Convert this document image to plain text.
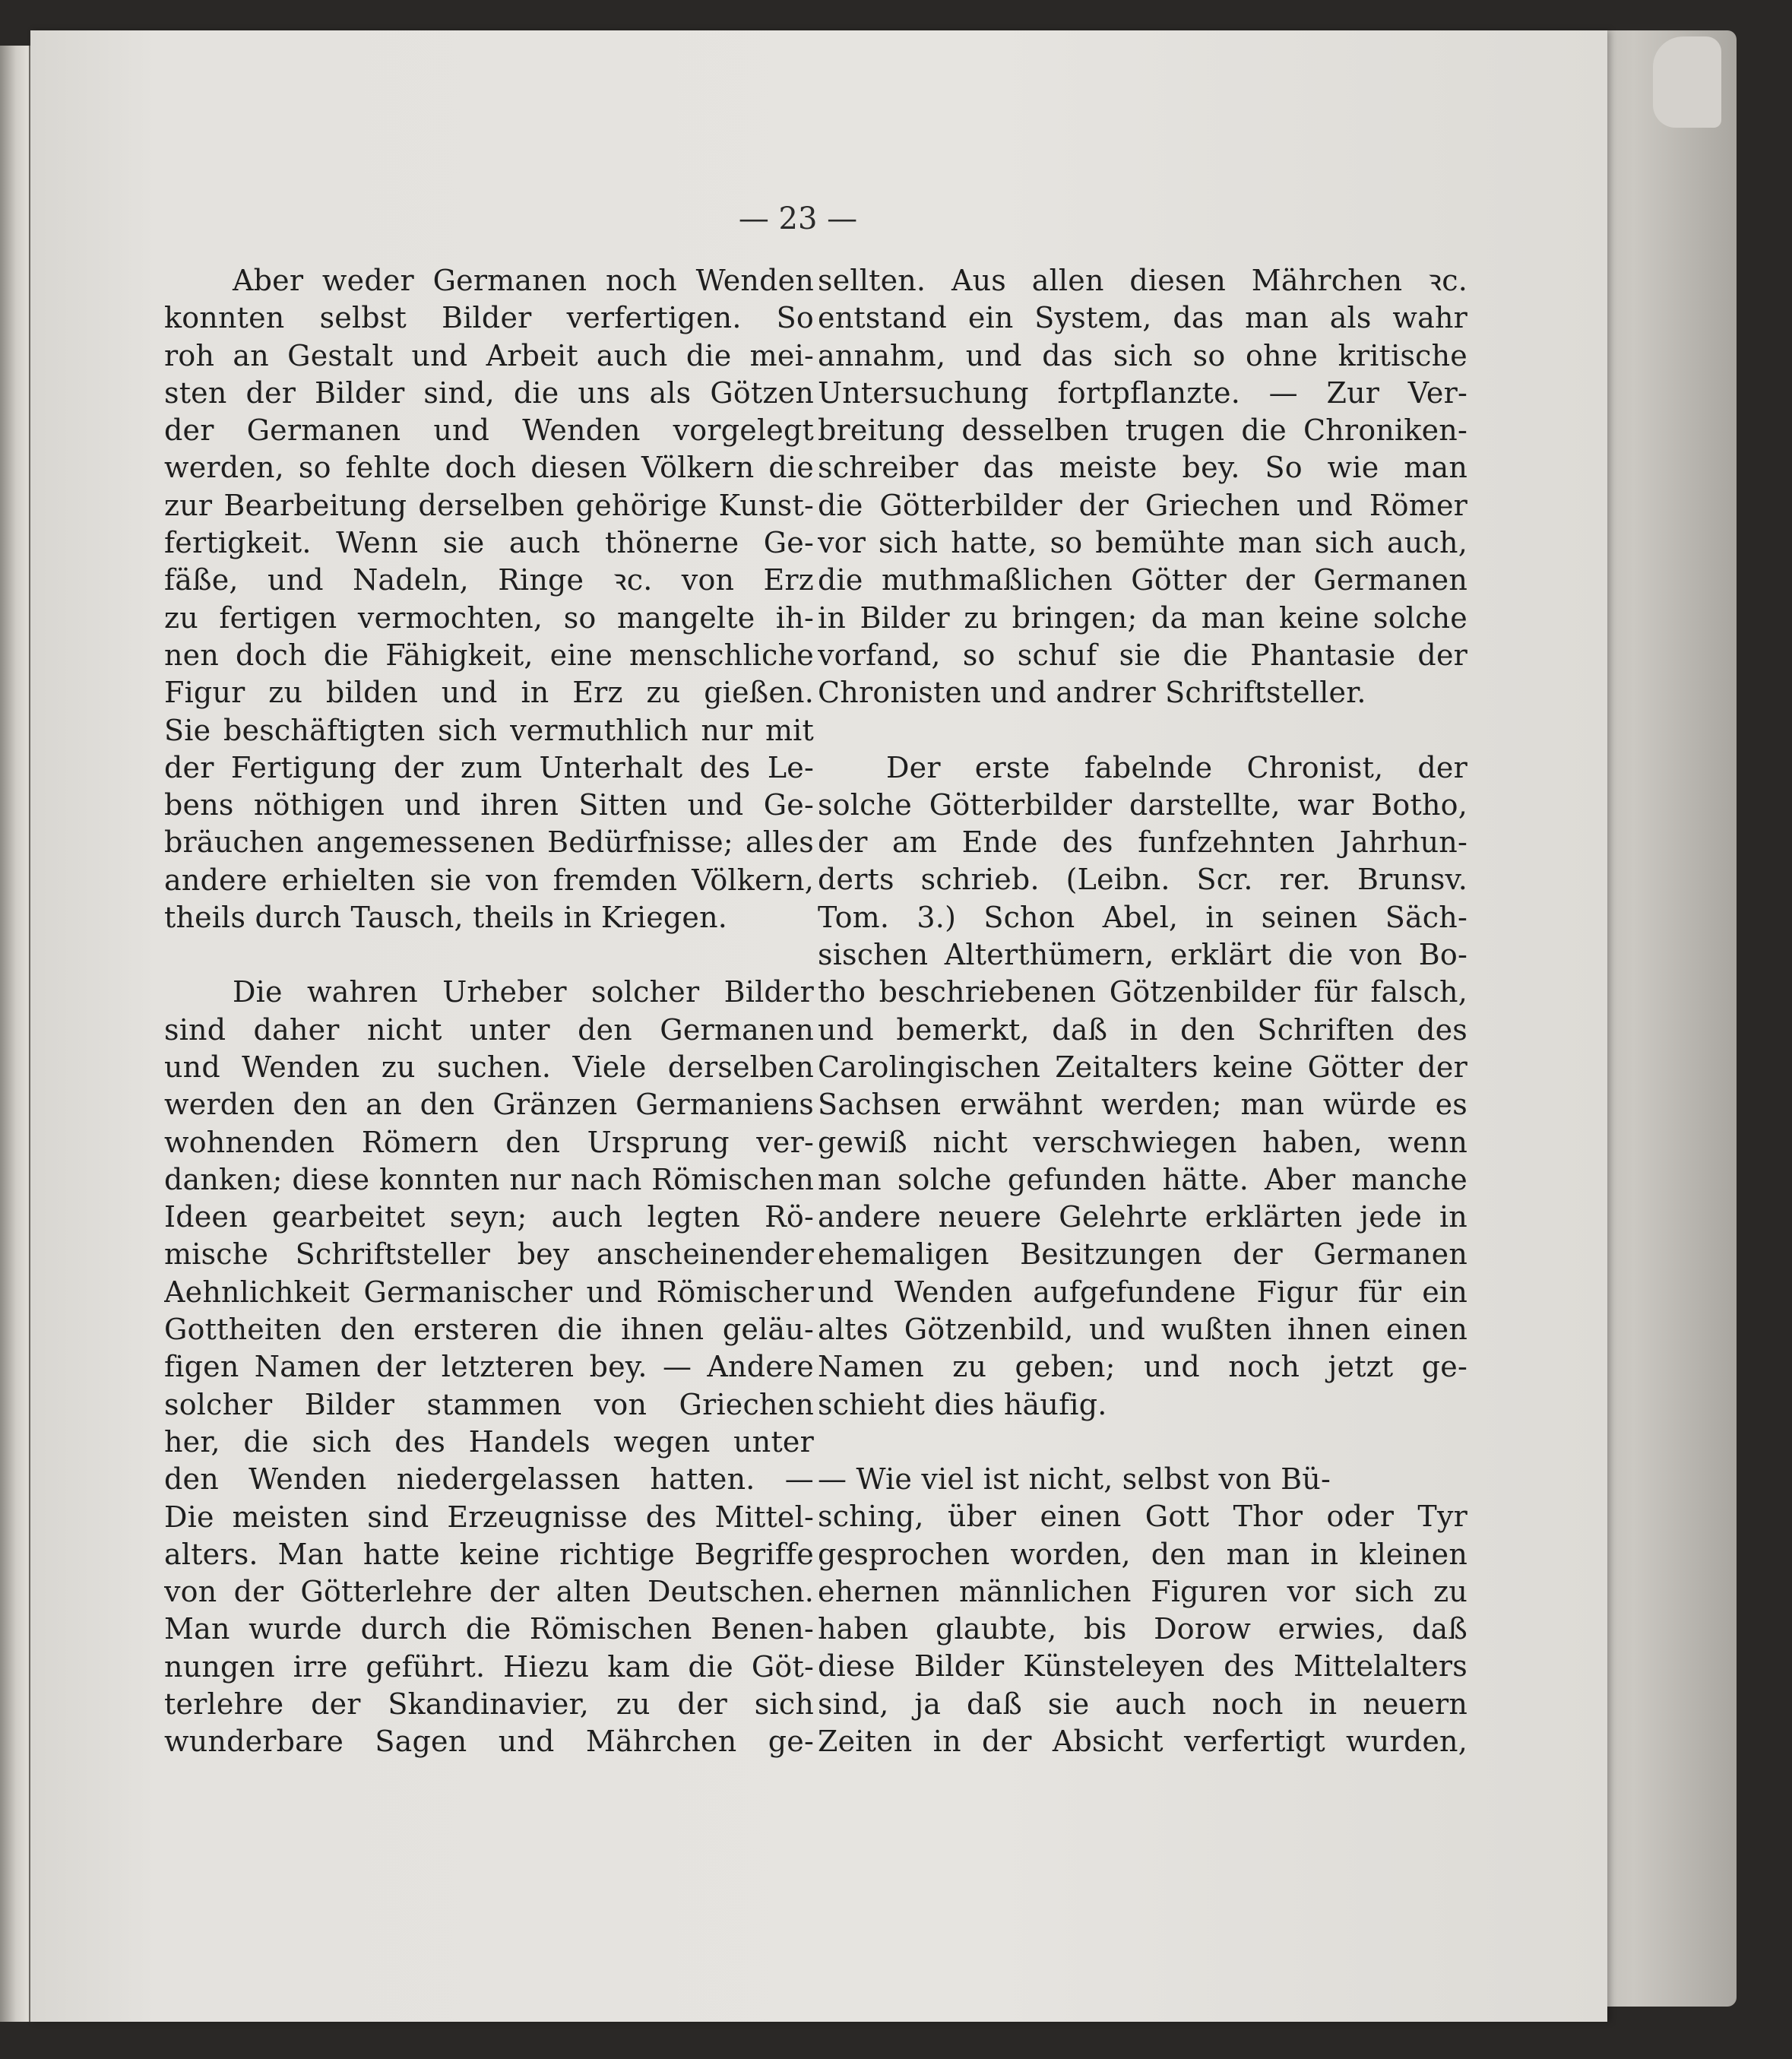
— 23 —
Aber weder Germanen noch Wenden
konnten selbst Bilder verfertigen. So
roh an Gestalt und Arbeit auch die mei-
sten der Bilder sind, die uns als Götzen
der Germanen und Wenden vorgelegt
werden, so fehlte doch diesen Völkern die
zur Bearbeitung derselben gehörige Kunst-
fertigkeit. Wenn sie auch thönerne Ge-
fäße, und Nadeln, Ringe ꝛc. von Erz
zu fertigen vermochten, so mangelte ih-
nen doch die Fähigkeit, eine menschliche
Figur zu bilden und in Erz zu gießen.
Sie beschäftigten sich vermuthlich nur mit
der Fertigung der zum Unterhalt des Le-
bens nöthigen und ihren Sitten und Ge-
bräuchen angemessenen Bedürfnisse; alles
andere erhielten sie von fremden Völkern,
theils durch Tausch, theils in Kriegen.
Die wahren Urheber solcher Bilder
sind daher nicht unter den Germanen
und Wenden zu suchen. Viele derselben
werden den an den Gränzen Germaniens
wohnenden Römern den Ursprung ver-
danken; diese konnten nur nach Römischen
Ideen gearbeitet seyn; auch legten Rö-
mische Schriftsteller bey anscheinender
Aehnlichkeit Germanischer und Römischer
Gottheiten den ersteren die ihnen geläu-
figen Namen der letzteren bey. — Andere
solcher Bilder stammen von Griechen
her, die sich des Handels wegen unter
den Wenden niedergelassen hatten. —
Die meisten sind Erzeugnisse des Mittel-
alters. Man hatte keine richtige Begriffe
von der Götterlehre der alten Deutschen.
Man wurde durch die Römischen Benen-
nungen irre geführt. Hiezu kam die Göt-
terlehre der Skandinavier, zu der sich
wunderbare Sagen und Mährchen ge-
sellten. Aus allen diesen Mährchen ꝛc.
entstand ein System, das man als wahr
annahm, und das sich so ohne kritische
Untersuchung fortpflanzte. — Zur Ver-
breitung desselben trugen die Chroniken-
schreiber das meiste bey. So wie man
die Götterbilder der Griechen und Römer
vor sich hatte, so bemühte man sich auch,
die muthmaßlichen Götter der Germanen
in Bilder zu bringen; da man keine solche
vorfand, so schuf sie die Phantasie der
Chronisten und andrer Schriftsteller.
Der erste fabelnde Chronist, der
solche Götterbilder darstellte, war Botho,
der am Ende des funfzehnten Jahrhun-
derts schrieb. (Leibn. Scr. rer. Brunsv.
Tom. 3.) Schon Abel, in seinen Säch-
sischen Alterthümern, erklärt die von Bo-
tho beschriebenen Götzenbilder für falsch,
und bemerkt, daß in den Schriften des
Carolingischen Zeitalters keine Götter der
Sachsen erwähnt werden; man würde es
gewiß nicht verschwiegen haben, wenn
man solche gefunden hätte. Aber manche
andere neuere Gelehrte erklärten jede in
ehemaligen Besitzungen der Germanen
und Wenden aufgefundene Figur für ein
altes Götzenbild, und wußten ihnen einen
Namen zu geben; und noch jetzt ge-
schieht dies häufig.
— Wie viel ist nicht, selbst von Bü-
sching, über einen Gott Thor oder Tyr
gesprochen worden, den man in kleinen
ehernen männlichen Figuren vor sich zu
haben glaubte, bis Dorow erwies, daß
diese Bilder Künsteleyen des Mittelalters
sind, ja daß sie auch noch in neuern
Zeiten in der Absicht verfertigt wurden,
